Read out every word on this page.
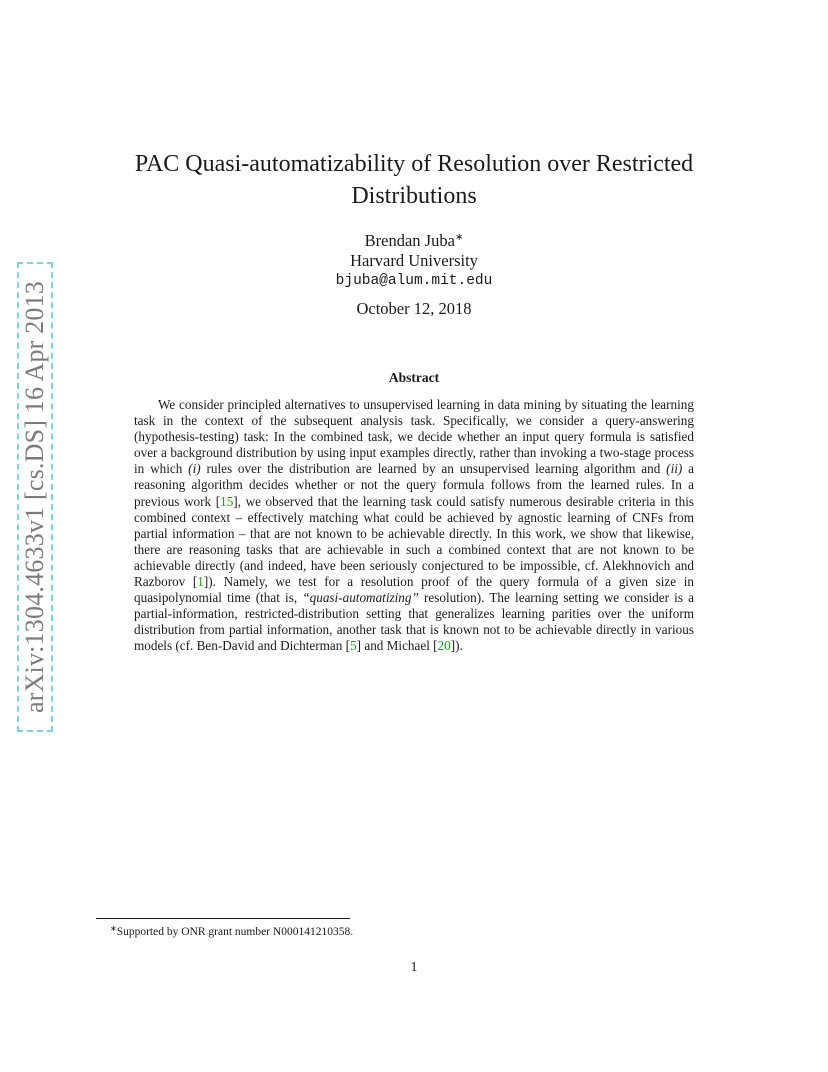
arXiv:1304.4633v1 [cs.DS] 16 Apr 2013
PAC Quasi-automatizability of Resolution over Restricted
Distributions
Brendan Juba∗
Harvard University
bjuba@alum.mit.edu
October 12, 2018
Abstract
We consider principled alternatives to unsupervised learning in data mining by situating the learning task in the context of the subsequent analysis task. Specifically, we consider a query-answering (hypothesis-testing) task: In the combined task, we decide whether an input query formula is satisfied over a background distribution by using input examples directly, rather than invoking a two-stage process in which (i) rules over the distribution are learned by an unsupervised learning algorithm and (ii) a reasoning algorithm decides whether or not the query formula follows from the learned rules. In a previous work [15], we observed that the learning task could satisfy numerous desirable criteria in this combined context – effectively matching what could be achieved by agnostic learning of CNFs from partial information – that are not known to be achievable directly. In this work, we show that likewise, there are reasoning tasks that are achievable in such a combined context that are not known to be achievable directly (and indeed, have been seriously conjectured to be impossible, cf. Alekhnovich and Razborov [1]). Namely, we test for a resolution proof of the query formula of a given size in quasipolynomial time (that is, “quasi-automatizing” resolution). The learning setting we consider is a partial-information, restricted-distribution setting that generalizes learning parities over the uniform distribution from partial information, another task that is known not to be achievable directly in various models (cf. Ben-David and Dichterman [5] and Michael [20]).
∗Supported by ONR grant number N000141210358.
1
